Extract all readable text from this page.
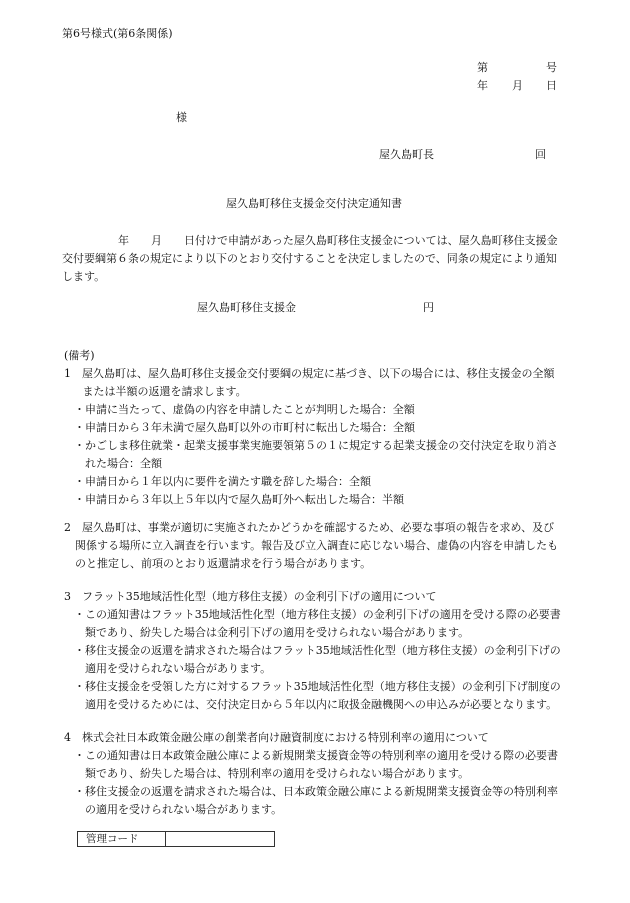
第6号様式(第6条関係)
第	号
年 月 日
様
屋久島町長	回
屋久島町移住支援金交付決定通知書
年　　月　　日付けで申請があった屋久島町移住支援金については、屋久島町移住支援金
交付要綱第６条の規定により以下のとおり交付することを決定しましたので、同条の規定により通知
します。
屋久島町移住支援金	円
(備考)
1　屋久島町は、屋久島町移住支援金交付要綱の規定に基づき、以下の場合には、移住支援金の全額
　 または半額の返還を請求します。
・申請に当たって、虚偽の内容を申請したことが判明した場合：全額
・申請日から３年未満で屋久島町以外の市町村に転出した場合：全額
・かごしま移住就業・起業支援事業実施要領第５の１に規定する起業支援金の交付決定を取り消さ
　れた場合：全額
・申請日から１年以内に要件を満たす職を辞した場合：全額
・申請日から３年以上５年以内で屋久島町外へ転出した場合：半額
2　屋久島町は、事業が適切に実施されたかどうかを確認するため、必要な事項の報告を求め、及び
　関係する場所に立入調査を行います。報告及び立入調査に応じない場合、虚偽の内容を申請したも
　のと推定し、前項のとおり返還請求を行う場合があります。
3　フラット35地域活性化型（地方移住支援）の金利引下げの適用について
・この通知書はフラット35地域活性化型（地方移住支援）の金利引下げの適用を受ける際の必要書
　類であり、紛失した場合は金利引下げの適用を受けられない場合があります。
・移住支援金の返還を請求された場合はフラット35地域活性化型（地方移住支援）の金利引下げの
　適用を受けられない場合があります。
・移住支援金を受領した方に対するフラット35地域活性化型（地方移住支援）の金利引下げ制度の
　適用を受けるためには、交付決定日から５年以内に取扱金融機関への申込みが必要となります。
4　株式会社日本政策金融公庫の創業者向け融資制度における特別利率の適用について
・この通知書は日本政策金融公庫による新規開業支援資金等の特別利率の適用を受ける際の必要書
　類であり、紛失した場合は、特別利率の適用を受けられない場合があります。
・移住支援金の返還を請求された場合は、日本政策金融公庫による新規開業支援資金等の特別利率
　の適用を受けられない場合があります。
管理コード
